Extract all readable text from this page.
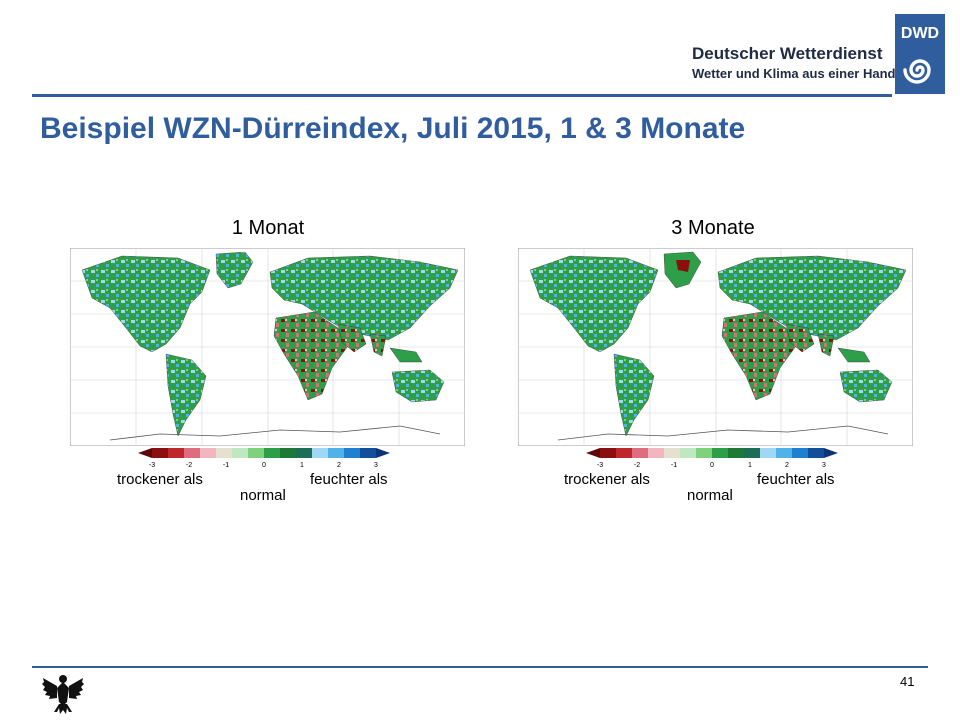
Deutscher Wetterdienst
Wetter und Klima aus einer Hand
DWD
Beispiel WZN-Dürreindex, Juli 2015, 1 & 3 Monate
1 Monat	3 Monate
-3	-2	-1	0	1	2	3	-3	-2	-1	0	1	2	3
trockener als
normal
feuchter als	trockener als
normal
feuchter als
41
